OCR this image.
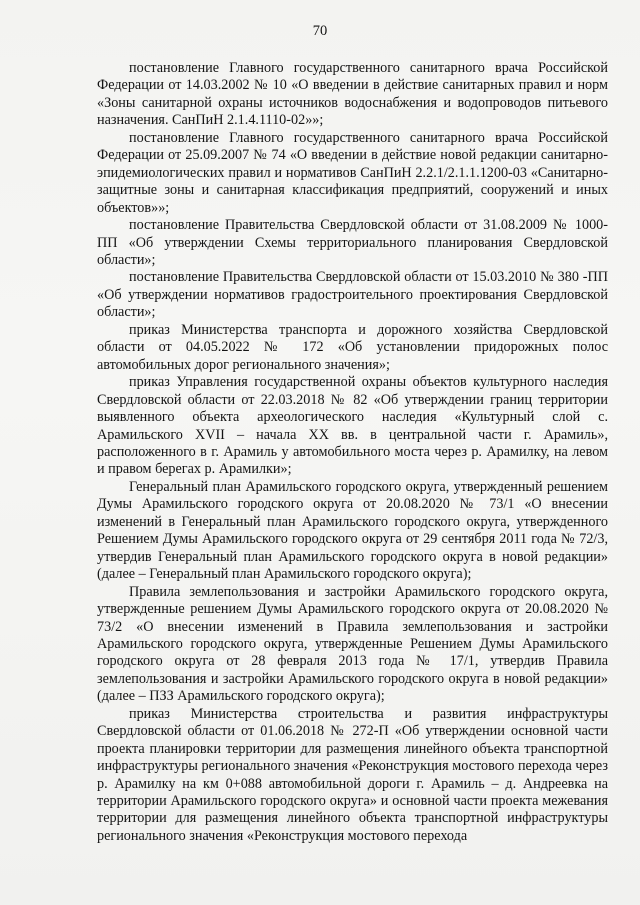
70

постановление Главного государственного санитарного врача Российской Федерации от 14.03.2002 № 10 «О введении в действие санитарных правил и норм «Зоны санитарной охраны источников водоснабжения и водопроводов питьевого назначения. СанПиН 2.1.4.1110-02»»;

постановление Главного государственного санитарного врача Российской Федерации от 25.09.2007 № 74 «О введении в действие новой редакции санитарно-эпидемиологических правил и нормативов СанПиН 2.2.1/2.1.1.1200-03 «Санитарно-защитные зоны и санитарная классификация предприятий, сооружений и иных объектов»»;

постановление Правительства Свердловской области от 31.08.2009 № 1000-ПП «Об утверждении Схемы территориального планирования Свердловской области»;

постановление Правительства Свердловской области от 15.03.2010 № 380 -ПП «Об утверждении нормативов градостроительного проектирования Свердловской области»;

приказ Министерства транспорта и дорожного хозяйства Свердловской области от 04.05.2022 № 172 «Об установлении придорожных полос автомобильных дорог регионального значения»;

приказ Управления государственной охраны объектов культурного наследия Свердловской области от 22.03.2018 № 82 «Об утверждении границ территории выявленного объекта археологического наследия «Культурный слой с. Арамильского XVII – начала XX вв. в центральной части г. Арамиль», расположенного в г. Арамиль у автомобильного моста через р. Арамилку, на левом и правом берегах р. Арамилки»;

Генеральный план Арамильского городского округа, утвержденный решением Думы Арамильского городского округа от 20.08.2020 № 73/1 «О внесении изменений в Генеральный план Арамильского городского округа, утвержденного Решением Думы Арамильского городского округа от 29 сентября 2011 года № 72/3, утвердив Генеральный план Арамильского городского округа в новой редакции» (далее – Генеральный план Арамильского городского округа);

Правила землепользования и застройки Арамильского городского округа, утвержденные решением Думы Арамильского городского округа от 20.08.2020 № 73/2 «О внесении изменений в Правила землепользования и застройки Арамильского городского округа, утвержденные Решением Думы Арамильского городского округа от 28 февраля 2013 года № 17/1, утвердив Правила землепользования и застройки Арамильского городского округа в новой редакции» (далее – ПЗЗ Арамильского городского округа);

приказ Министерства строительства и развития инфраструктуры Свердловской области от 01.06.2018 № 272-П «Об утверждении основной части проекта планировки территории для размещения линейного объекта транспортной инфраструктуры регионального значения «Реконструкция мостового перехода через р. Арамилку на км 0+088 автомобильной дороги г. Арамиль – д. Андреевка на территории Арамильского городского округа» и основной части проекта межевания территории для размещения линейного объекта транспортной инфраструктуры регионального значения «Реконструкция мостового перехода
